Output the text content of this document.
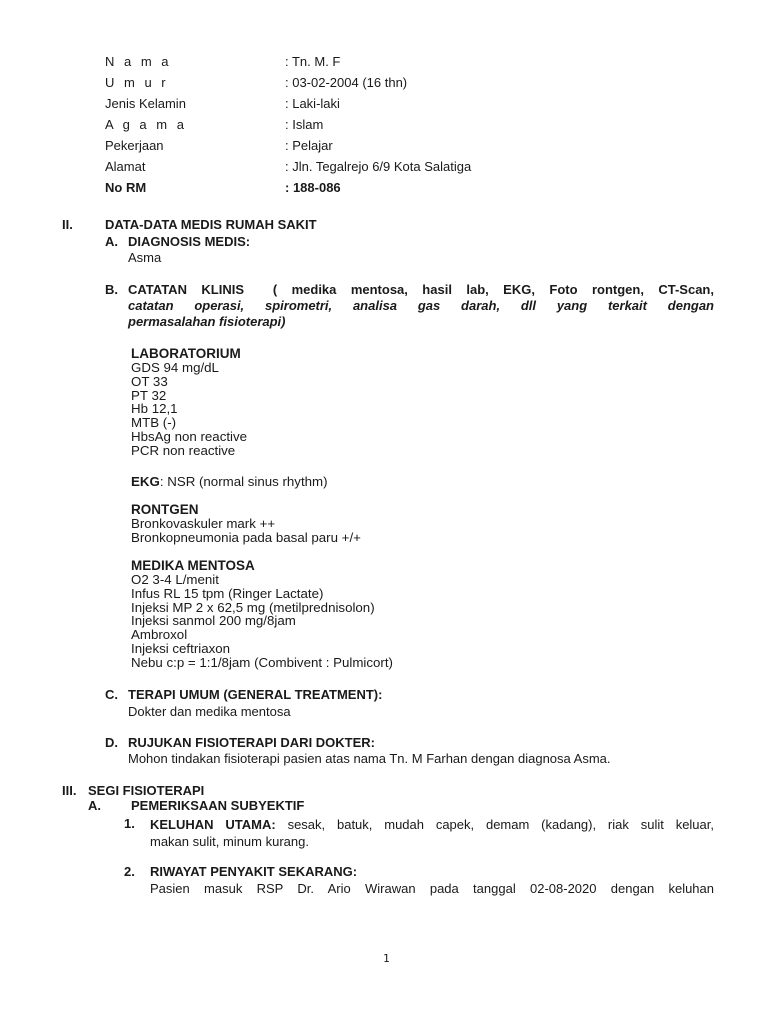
N a m a	: Tn. M. F
U m u r	: 03-02-2004 (16 thn)
Jenis Kelamin	: Laki-laki
A g a m a	: Islam
Pekerjaan	: Pelajar
Alamat	: Jln. Tegalrejo 6/9 Kota Salatiga
No RM	: 188-086
II. DATA-DATA MEDIS RUMAH SAKIT
A. DIAGNOSIS MEDIS:
Asma
B. CATATAN KLINIS ( medika mentosa, hasil lab, EKG, Foto rontgen, CT-Scan,
catatan operasi, spirometri, analisa gas darah, dll yang terkait dengan
permasalahan fisioterapi)
LABORATORIUM
GDS 94 mg/dL
OT 33
PT 32
Hb 12,1
MTB (-)
HbsAg non reactive
PCR non reactive
EKG: NSR (normal sinus rhythm)
RONTGEN
Bronkovaskuler mark ++
Bronkopneumonia pada basal paru +/+
MEDIKA MENTOSA
O2 3-4 L/menit
Infus RL 15 tpm (Ringer Lactate)
Injeksi MP 2 x 62,5 mg (metilprednisolon)
Injeksi sanmol 200 mg/8jam
Ambroxol
Injeksi ceftriaxon
Nebu c:p = 1:1/8jam (Combivent : Pulmicort)
C. TERAPI UMUM (GENERAL TREATMENT):
Dokter dan medika mentosa
D. RUJUKAN FISIOTERAPI DARI DOKTER:
Mohon tindakan fisioterapi pasien atas nama Tn. M Farhan dengan diagnosa Asma.
III. SEGI FISIOTERAPI
A. PEMERIKSAAN SUBYEKTIF
1. KELUHAN UTAMA: sesak, batuk, mudah capek, demam (kadang), riak sulit keluar,
makan sulit, minum kurang.
2. RIWAYAT PENYAKIT SEKARANG:
Pasien masuk RSP Dr. Ario Wirawan pada tanggal 02-08-2020 dengan keluhan
1
